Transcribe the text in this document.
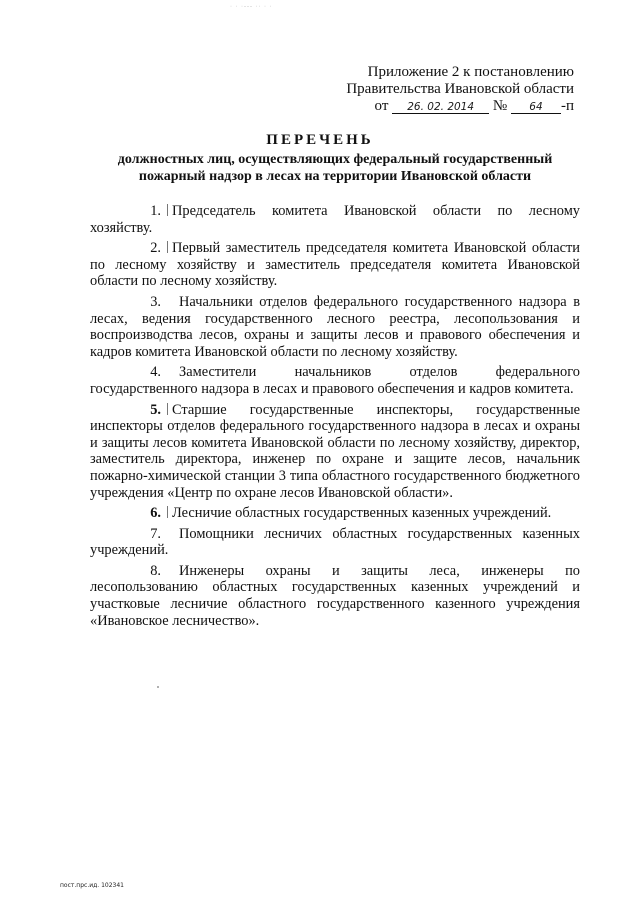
· · ·--- ·· · ·
Приложение 2 к постановлению
Правительства Ивановской области
от 26. 02. 2014 № 64 -п
ПЕРЕЧЕНЬ
должностных лиц, осуществляющих федеральный государственный
пожарный надзор в лесах на территории Ивановской области
1. Председатель комитета Ивановской области по лесному хозяйству.
2. Первый заместитель председателя комитета Ивановской области по лесному хозяйству и заместитель председателя комитета Ивановской области по лесному хозяйству.
3. Начальники отделов федерального государственного надзора в лесах, ведения государственного лесного реестра, лесопользования и воспроизводства лесов, охраны и защиты лесов и правового обеспечения и кадров комитета Ивановской области по лесному хозяйству.
4. Заместители начальников отделов федерального государственного надзора в лесах и правового обеспечения и кадров комитета.
5. Старшие государственные инспекторы, государственные инспекторы отделов федерального государственного надзора в лесах и охраны и защиты лесов комитета Ивановской области по лесному хозяйству, директор, заместитель директора, инженер по охране и защите лесов, начальник пожарно-химической станции 3 типа областного государственного бюджетного учреждения «Центр по охране лесов Ивановской области».
6. Лесничие областных государственных казенных учреждений.
7. Помощники лесничих областных государственных казенных учреждений.
8. Инженеры охраны и защиты леса, инженеры по лесопользованию областных государственных казенных учреждений и участковые лесничие областного государственного казенного учреждения «Ивановское лесничество».
пост.прс.ид. 102341
